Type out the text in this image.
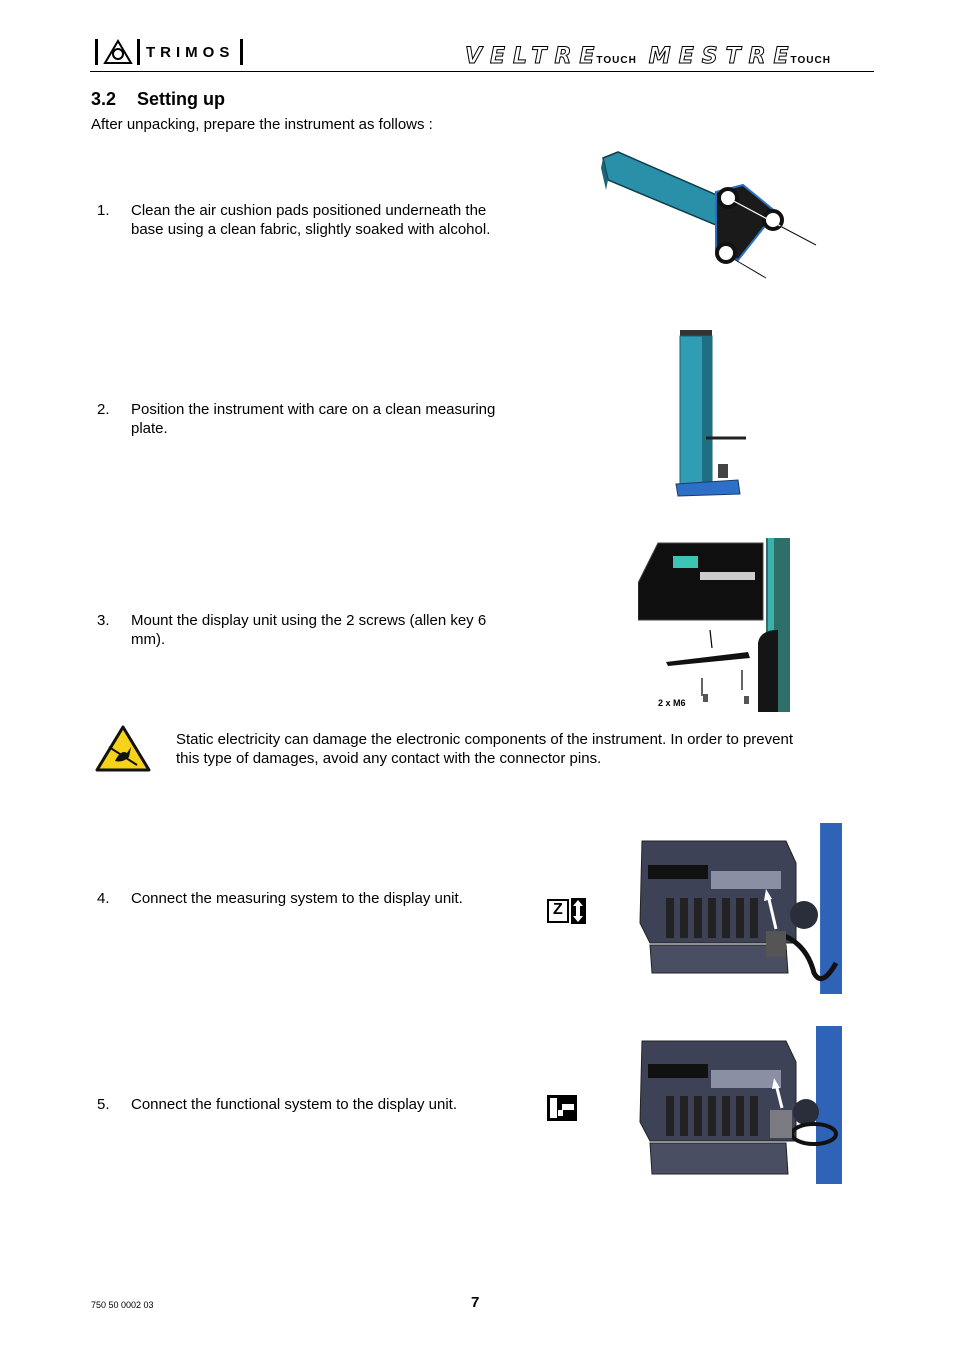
TRIMOS	VELTRETOUCH MESTRETOUCH
3.2 Setting up
After unpacking, prepare the instrument as follows :
1. Clean the air cushion pads positioned underneath the
base using a clean fabric, slightly soaked with alcohol.
2. Position the instrument with care on a clean measuring
plate.
3. Mount the display unit using the 2 screws (allen key 6
mm).
2 x M6
Static electricity can damage the electronic components of the instrument. In order to prevent
this type of damages, avoid any contact with the connector pins.
4. Connect the measuring system to the display unit.
Z
5. Connect the functional system to the display unit.
750 50 0002 03	7
